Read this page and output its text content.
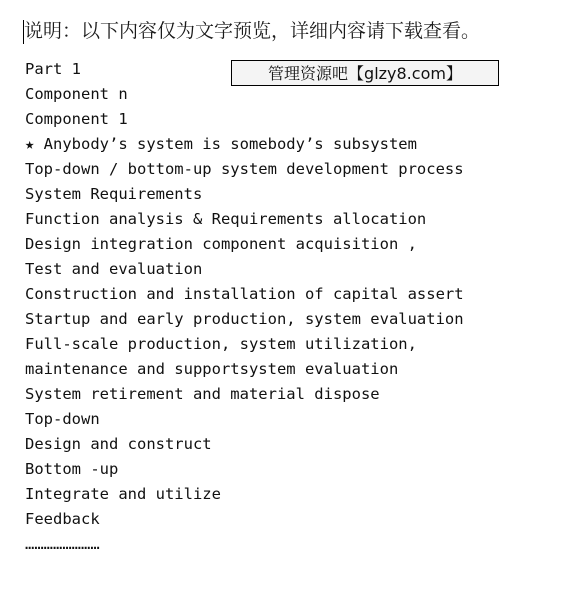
说明：以下内容仅为文字预览，详细内容请下载查看。
管理资源吧【glzy8.com】
Part 1
Component n
Component 1
★ Anybody’s system is somebody’s subsystem
Top-down / bottom-up system development process
System Requirements
Function analysis & Requirements allocation
Design integration component acquisition ,
Test and evaluation
Construction and installation of capital assert
Startup and early production, system evaluation
Full-scale production, system utilization,
maintenance and supportsystem evaluation
System retirement and material dispose
Top-down
Design and construct
Bottom -up
Integrate and utilize
Feedback
……………………
